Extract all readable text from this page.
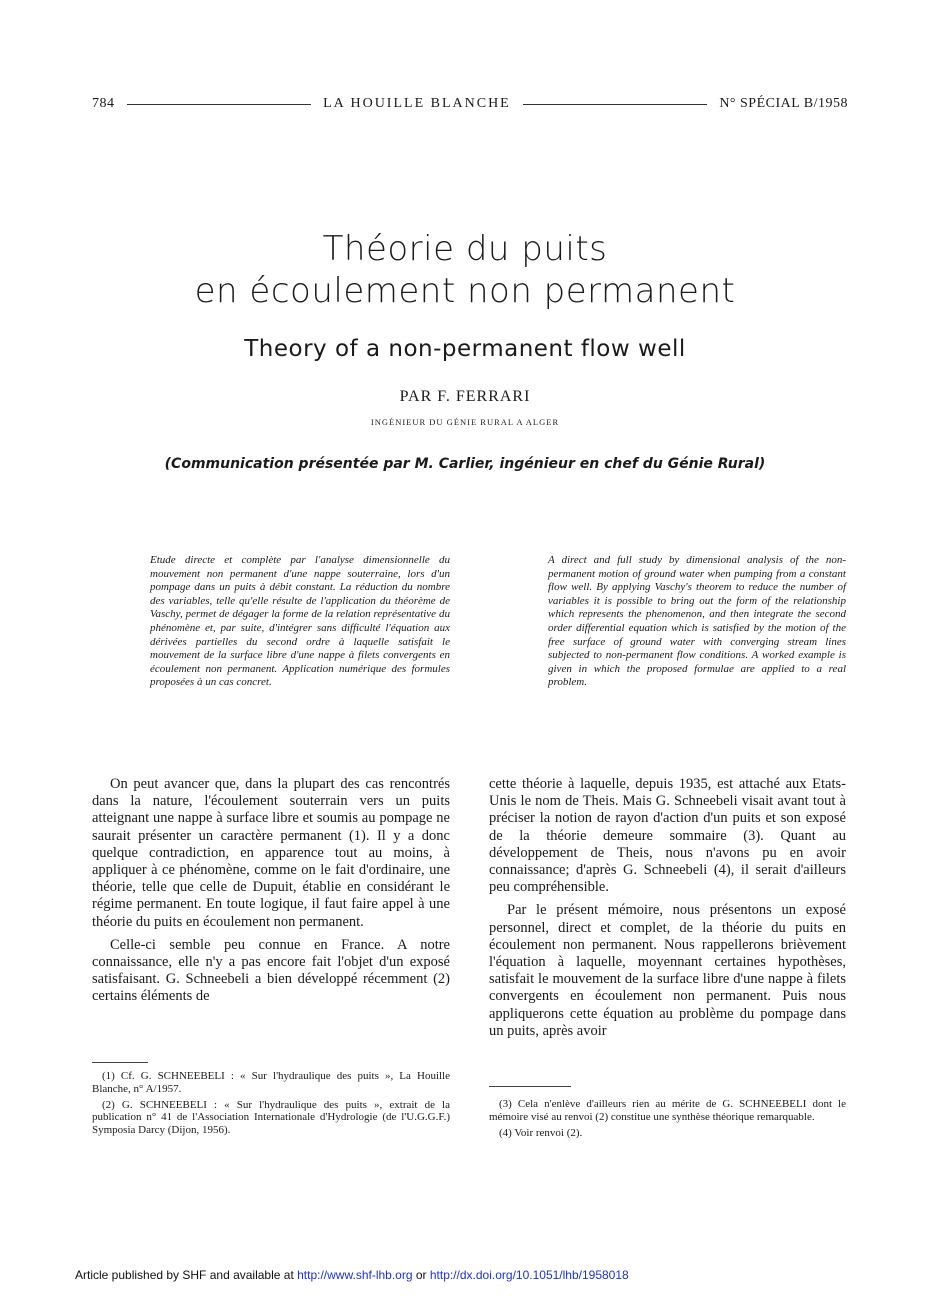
784	LA HOUILLE BLANCHE	N° SPÉCIAL B/1958
Théorie du puits
en écoulement non permanent
Theory of a non-permanent flow well
PAR F. FERRARI
INGÉNIEUR DU GÉNIE RURAL A ALGER
(Communication présentée par M. Carlier, ingénieur en chef du Génie Rural)
Etude directe et complète par l'analyse dimensionnelle du mouvement non permanent d'une nappe souterraine, lors d'un pompage dans un puits à débit constant. La réduction du nombre des variables, telle qu'elle résulte de l'application du théorème de Vaschy, permet de dégager la forme de la relation représentative du phénomène et, par suite, d'intégrer sans difficulté l'équation aux dérivées partielles du second ordre à laquelle satisfait le mouvement de la surface libre d'une nappe à filets convergents en écoulement non permanent. Application numérique des formules proposées à un cas concret.
A direct and full study by dimensional analysis of the non-permanent motion of ground water when pumping from a constant flow well. By applying Vaschy's theorem to reduce the number of variables it is possible to bring out the form of the relationship which represents the phenomenon, and then integrate the second order differential equation which is satisfied by the motion of the free surface of ground water with converging stream lines subjected to non-permanent flow conditions. A worked example is given in which the proposed formulae are applied to a real problem.

On peut avancer que, dans la plupart des cas rencontrés dans la nature, l'écoulement souterrain vers un puits atteignant une nappe à surface libre et soumis au pompage ne saurait présenter un caractère permanent (1). Il y a donc quelque contradiction, en apparence tout au moins, à appliquer à ce phénomène, comme on le fait d'ordinaire, une théorie, telle que celle de Dupuit, établie en considérant le régime permanent. En toute logique, il faut faire appel à une théorie du puits en écoulement non permanent.

Celle-ci semble peu connue en France. A notre connaissance, elle n'y a pas encore fait l'objet d'un exposé satisfaisant. G. Schneebeli a bien développé récemment (2) certains éléments de

cette théorie à laquelle, depuis 1935, est attaché aux Etats-Unis le nom de Theis. Mais G. Schneebeli visait avant tout à préciser la notion de rayon d'action d'un puits et son exposé de la théorie demeure sommaire (3). Quant au développement de Theis, nous n'avons pu en avoir connaissance; d'après G. Schneebeli (4), il serait d'ailleurs peu compréhensible.

Par le présent mémoire, nous présentons un exposé personnel, direct et complet, de la théorie du puits en écoulement non permanent. Nous rappellerons brièvement l'équation à laquelle, moyennant certaines hypothèses, satisfait le mouvement de la surface libre d'une nappe à filets convergents en écoulement non permanent. Puis nous appliquerons cette équation au problème du pompage dans un puits, après avoir

(1) Cf. G. SCHNEEBELI : « Sur l'hydraulique des puits », La Houille Blanche, n° A/1957.

(2) G. SCHNEEBELI : « Sur l'hydraulique des puits », extrait de la publication n° 41 de l'Association Internationale d'Hydrologie (de l'U.G.G.F.) Symposia Darcy (Dijon, 1956).

(3) Cela n'enlève d'ailleurs rien au mérite de G. SCHNEEBELI dont le mémoire visé au renvoi (2) constitue une synthèse théorique remarquable.

(4) Voir renvoi (2).

Article published by SHF and available at http://www.shf-lhb.org or http://dx.doi.org/10.1051/lhb/1958018
